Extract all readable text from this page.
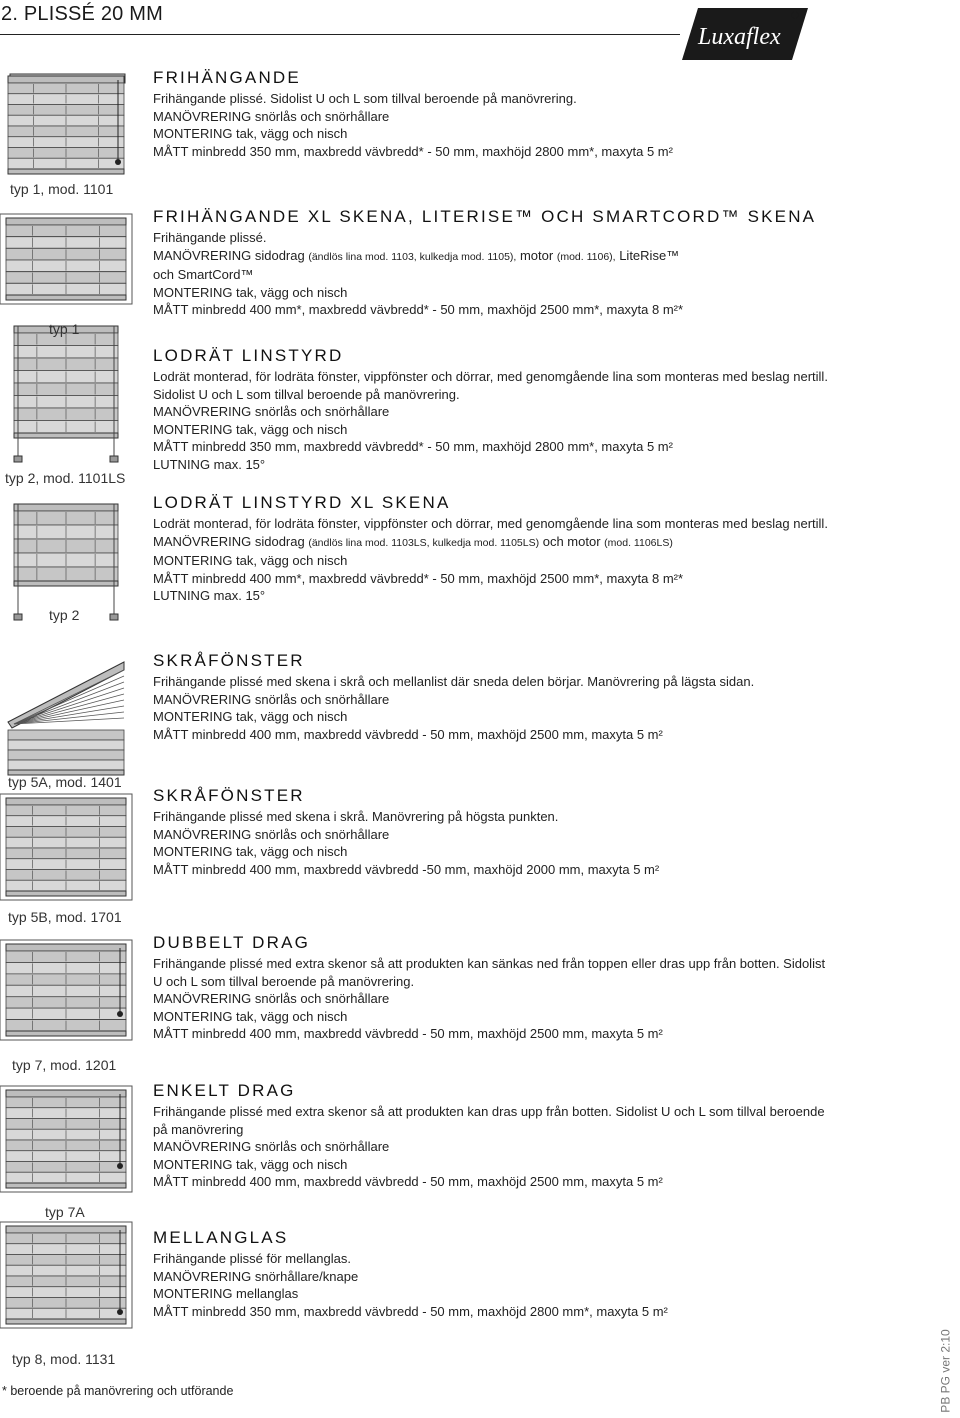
2. PLISSÉ 20 MM
Luxaflex
typ 1, mod. 1101
typ 1
typ 2, mod. 1101LS
typ 2
typ 5A, mod. 1401
typ 5B, mod. 1701
typ 7, mod. 1201
typ 7A
typ 8, mod. 1131
FRIHÄNGANDE
Frihängande plissé. Sidolist U och L som tillval beroende på manövrering.
MANÖVRERING snörlås och snörhållare
MONTERING tak, vägg och nisch
MÅTT minbredd 350 mm, maxbredd vävbredd* - 50 mm, maxhöjd 2800 mm*, maxyta 5 m²
FRIHÄNGANDE XL SKENA, LITERISE™ OCH SMARTCORD™ SKENA
Frihängande plissé.
MANÖVRERING sidodrag (ändlös lina mod. 1103, kulkedja mod. 1105), motor (mod. 1106), LiteRise™
och SmartCord™
MONTERING tak, vägg och nisch
MÅTT minbredd 400 mm*, maxbredd vävbredd* - 50 mm, maxhöjd 2500 mm*, maxyta 8 m²*
LODRÄT LINSTYRD
Lodrät monterad, för lodräta fönster, vippfönster och dörrar, med genomgående lina som monteras med beslag nertill. Sidolist U och L som tillval beroende på manövrering.
MANÖVRERING snörlås och snörhållare
MONTERING tak, vägg och nisch
MÅTT minbredd 350 mm, maxbredd vävbredd* - 50 mm, maxhöjd 2800 mm*, maxyta 5 m²
LUTNING max. 15°
LODRÄT LINSTYRD XL SKENA
Lodrät monterad, för lodräta fönster, vippfönster och dörrar, med genomgående lina som monteras med beslag nertill.
MANÖVRERING sidodrag (ändlös lina mod. 1103LS, kulkedja mod. 1105LS) och motor (mod. 1106LS)
MONTERING tak, vägg och nisch
MÅTT minbredd 400 mm*, maxbredd vävbredd* - 50 mm, maxhöjd 2500 mm*, maxyta 8 m²*
LUTNING max. 15°
SKRÅFÖNSTER
Frihängande plissé med skena i skrå och mellanlist där sneda delen börjar. Manövrering på lägsta sidan.
MANÖVRERING snörlås och snörhållare
MONTERING tak, vägg och nisch
MÅTT minbredd 400 mm, maxbredd vävbredd - 50 mm, maxhöjd 2500 mm, maxyta 5 m²
SKRÅFÖNSTER
Frihängande plissé med skena i skrå. Manövrering på högsta punkten.
MANÖVRERING snörlås och snörhållare
MONTERING tak, vägg och nisch
MÅTT minbredd 400 mm, maxbredd vävbredd -50 mm, maxhöjd 2000 mm, maxyta 5 m²
DUBBELT DRAG
Frihängande plissé med extra skenor så att produkten kan sänkas ned från toppen eller dras upp från botten. Sidolist U och L som tillval beroende på manövrering.
MANÖVRERING snörlås och snörhållare
MONTERING tak, vägg och nisch
MÅTT minbredd 400 mm, maxbredd vävbredd - 50 mm, maxhöjd 2500 mm, maxyta 5 m²
ENKELT DRAG
Frihängande plissé med extra skenor så att produkten kan dras upp från botten. Sidolist U och L som tillval beroende på manövrering
MANÖVRERING snörlås och snörhållare
MONTERING tak, vägg och nisch
MÅTT minbredd 400 mm, maxbredd vävbredd - 50 mm, maxhöjd 2500 mm, maxyta 5 m²
MELLANGLAS
Frihängande plissé för mellanglas.
MANÖVRERING snörhållare/knape
MONTERING mellanglas
MÅTT minbredd 350 mm, maxbredd vävbredd - 50 mm, maxhöjd 2800 mm*, maxyta 5 m²
* beroende på manövrering och utförande	PB PG ver 2:10
